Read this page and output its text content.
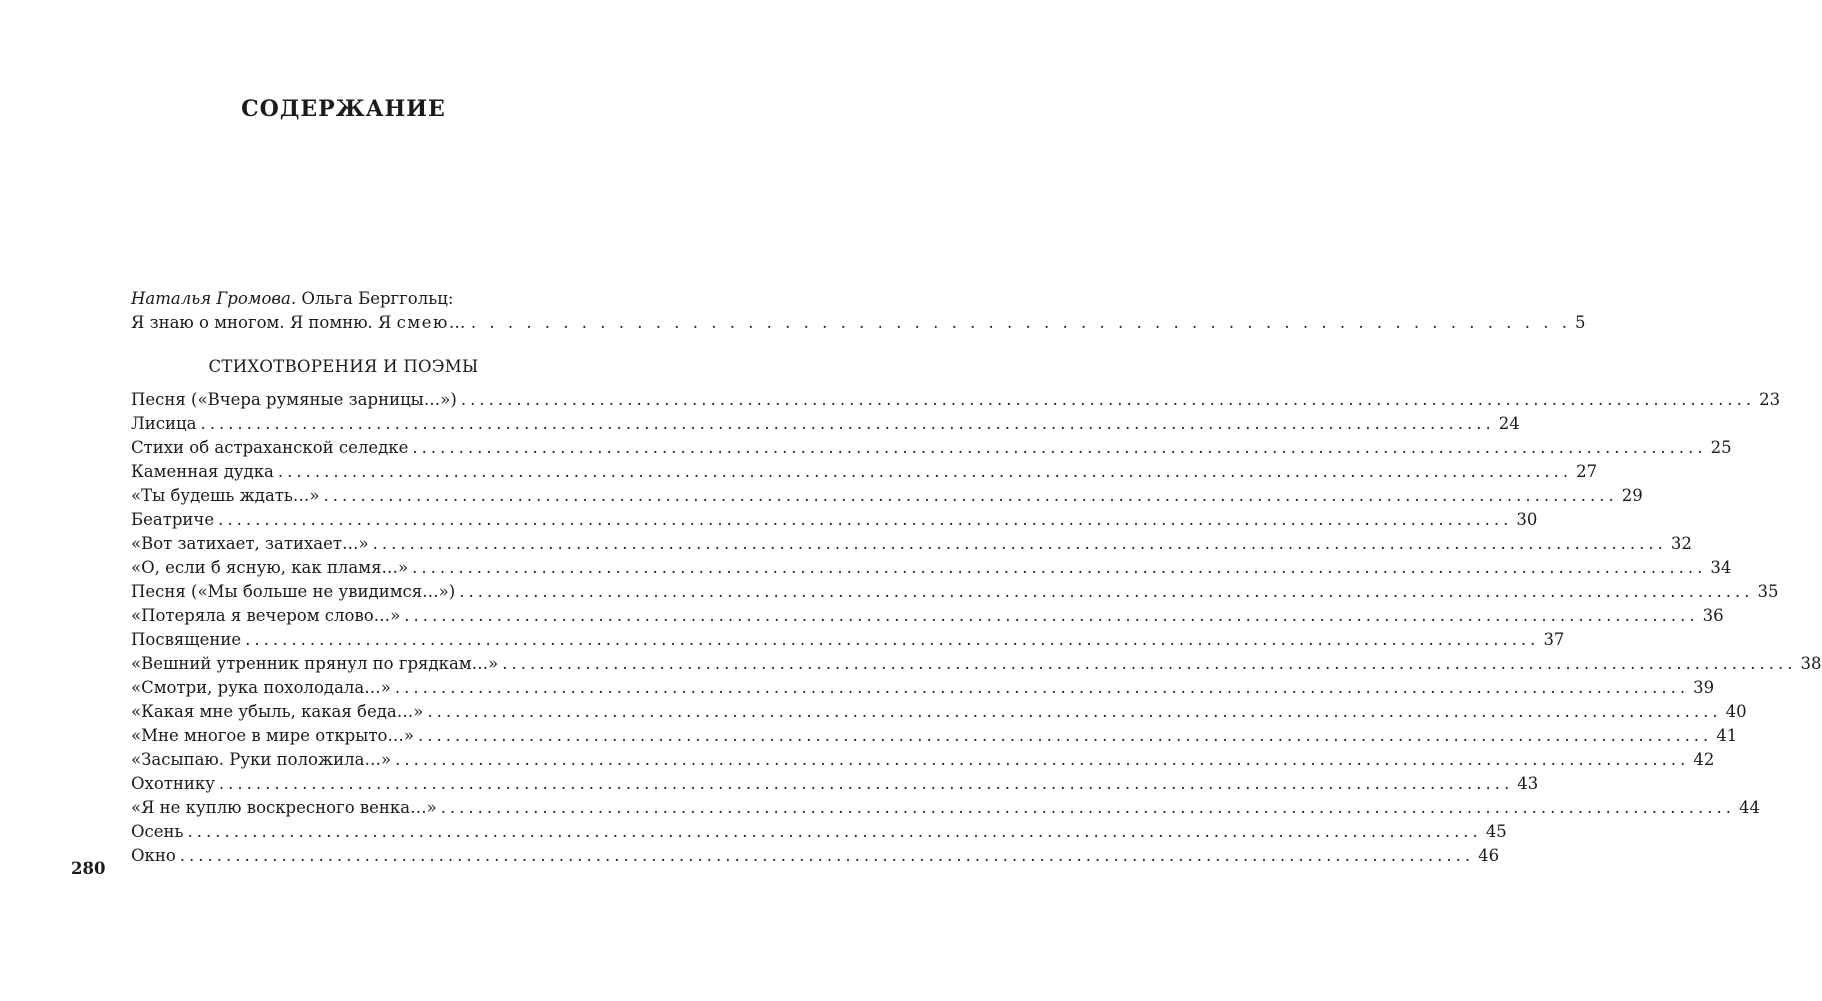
СОДЕРЖАНИЕ
Наталья Громова. Ольга Берггольц:
Я знаю о многом. Я помню. Я смею… . . . . . . . . . . . . . . . . . . . . . . . . . . . . . . . . . . . . . . . . . . . . . . . . . . . . . . . . . . . . 5
СТИХОТВОРЕНИЯ И ПОЭМЫ
Песня («Вчера румяные зарницы…») ............................................................................................................................................ 23
Лисица ............................................................................................................................................ 24
Стихи об астраханской селедке ............................................................................................................................................ 25
Каменная дудка ............................................................................................................................................ 27
«Ты будешь ждать…» ............................................................................................................................................ 29
Беатриче ............................................................................................................................................ 30
«Вот затихает, затихает…» ............................................................................................................................................ 32
«О, если б ясную, как пламя…» ............................................................................................................................................ 34
Песня («Мы больше не увидимся…») ............................................................................................................................................ 35
«Потеряла я вечером слово…» ............................................................................................................................................ 36
Посвящение ............................................................................................................................................ 37
«Вешний утренник прянул по грядкам…» ............................................................................................................................................ 38
«Смотри, рука похолодала…» ............................................................................................................................................ 39
«Какая мне убыль, какая беда…» ............................................................................................................................................ 40
«Мне многое в мире открыто…» ............................................................................................................................................ 41
«Засыпаю. Руки положила…» ............................................................................................................................................ 42
Охотнику ............................................................................................................................................ 43
«Я не куплю воскресного венка…» ............................................................................................................................................ 44
Осень ............................................................................................................................................ 45
Окно ............................................................................................................................................ 46
280
